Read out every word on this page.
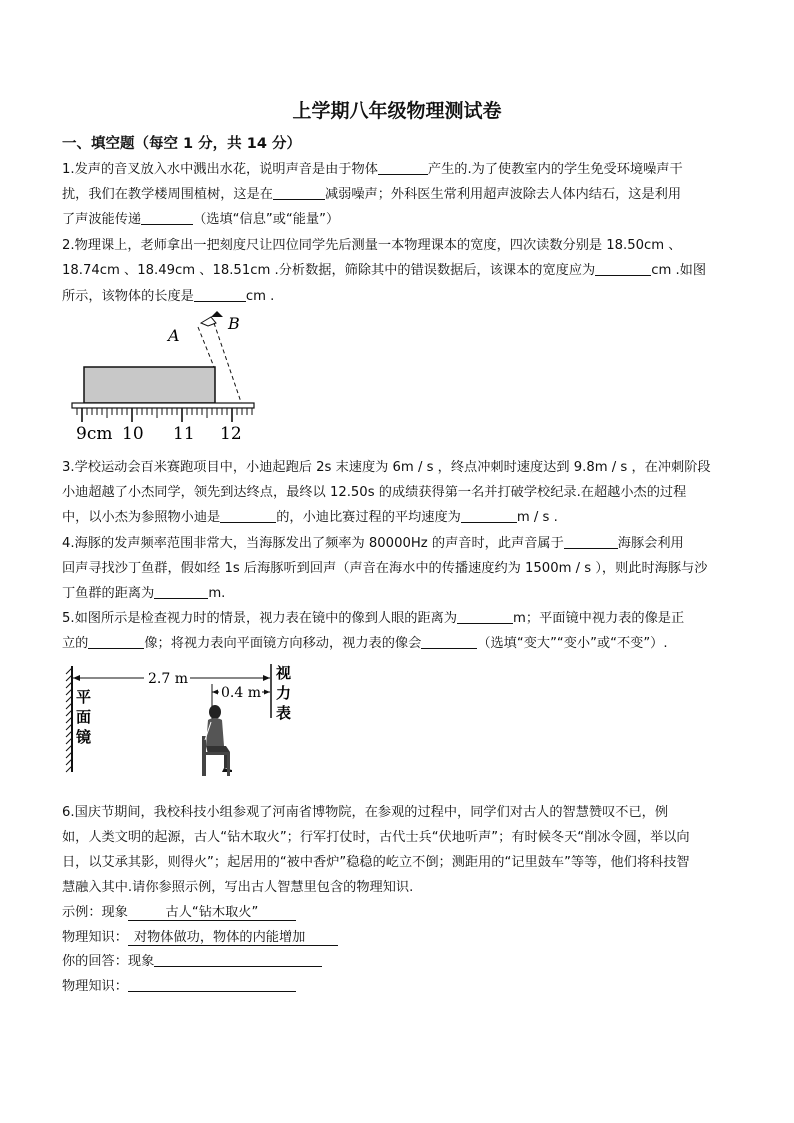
上学期八年级物理测试卷
一、填空题（每空 1 分，共 14 分）
1.发声的音叉放入水中溅出水花，说明声音是由于物体	产生的.为了使教室内的学生免受环境噪声干
扰，我们在教学楼周围植树，这是在	减弱噪声；外科医生常利用超声波除去人体内结石，这是利用
了声波能传递	（选填“信息”或“能量”）
2.物理课上，老师拿出一把刻度尺让四位同学先后测量一本物理课本的宽度，四次读数分别是 18.50cm 、
18.74cm 、18.49cm 、18.51cm .分析数据，筛除其中的错误数据后，该课本的宽度应为	cm .如图
所示，该物体的长度是	cm .
A
B
9cm 10 11 12
3.学校运动会百米赛跑项目中，小迪起跑后 2s 末速度为 6m / s ，终点冲刺时速度达到 9.8m / s ，在冲刺阶段
小迪超越了小杰同学，领先到达终点，最终以 12.50s 的成绩获得第一名并打破学校纪录.在超越小杰的过程
中，以小杰为参照物小迪是	的，小迪比赛过程的平均速度为	m / s .
4.海豚的发声频率范围非常大，当海豚发出了频率为 80000Hz 的声音时，此声音属于	海豚会利用
回声寻找沙丁鱼群，假如经 1s 后海豚听到回声（声音在海水中的传播速度约为 1500m / s ），则此时海豚与沙
丁鱼群的距离为	m.
5.如图所示是检查视力时的情景，视力表在镜中的像到人眼的距离为	m；平面镜中视力表的像是正
立的	像；将视力表向平面镜方向移动，视力表的像会	（选填“变大”“变小”或“不变”）.
平
面
镜
视
力
表
2.7 m
0.4 m
6.国庆节期间，我校科技小组参观了河南省博物院，在参观的过程中，同学们对古人的智慧赞叹不已，例
如，人类文明的起源，古人“钻木取火”；行军打仗时，古代士兵“伏地听声”；有时候冬天“削冰令圆，举以向
日，以艾承其影，则得火”；起居用的“被中香炉”稳稳的屹立不倒；测距用的“记里鼓车”等等，他们将科技智
慧融入其中.请你参照示例，写出古人智慧里包含的物理知识.
示例：现象	古人“钻木取火”
物理知识： 对物体做功，物体的内能增加
你的回答：现象
物理知识：
